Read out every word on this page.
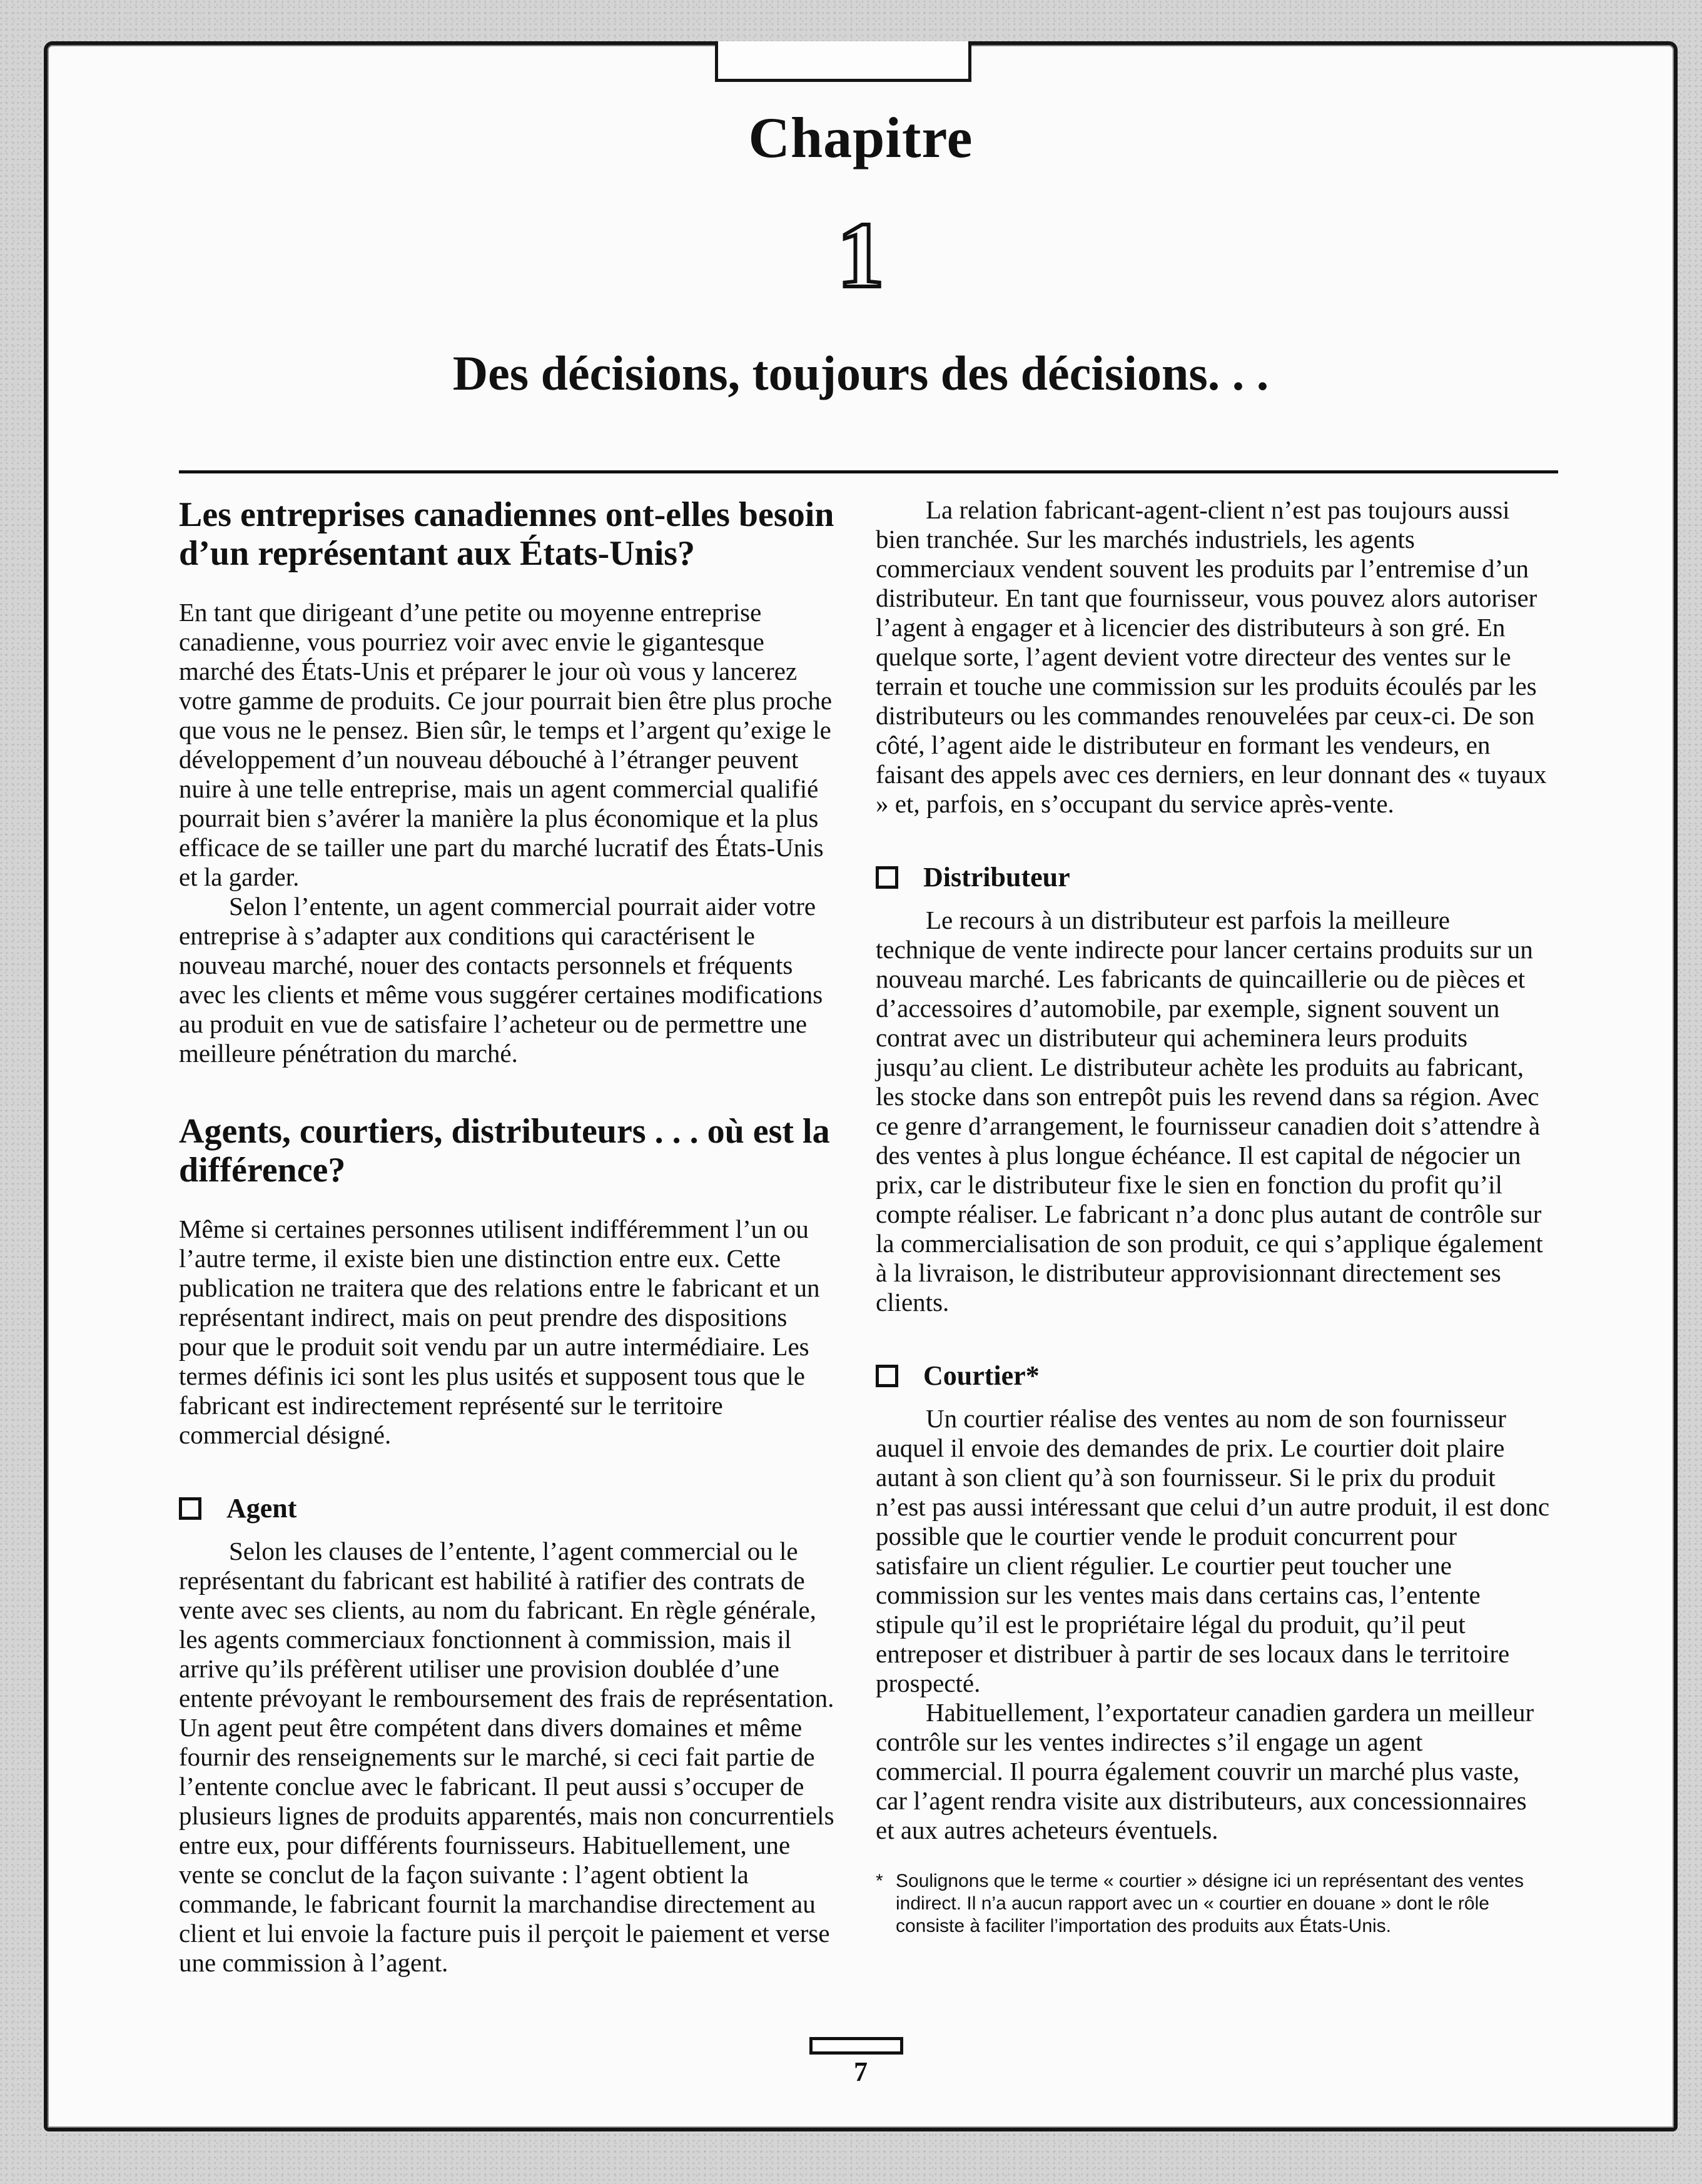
Chapitre
1
Des décisions, toujours des décisions. . .
Les entreprises canadiennes ont-elles besoin d’un représentant aux États-Unis?

En tant que dirigeant d’une petite ou moyenne entreprise canadienne, vous pourriez voir avec envie le gigantesque marché des États-Unis et préparer le jour où vous y lancerez votre gamme de produits. Ce jour pourrait bien être plus proche que vous ne le pensez. Bien sûr, le temps et l’argent qu’exige le développement d’un nouveau débouché à l’étranger peuvent nuire à une telle entreprise, mais un agent commercial qualifié pourrait bien s’avérer la manière la plus économique et la plus efficace de se tailler une part du marché lucratif des États-Unis et la garder.

Selon l’entente, un agent commercial pourrait aider votre entreprise à s’adapter aux conditions qui caractérisent le nouveau marché, nouer des contacts personnels et fréquents avec les clients et même vous suggérer certaines modifications au produit en vue de satisfaire l’acheteur ou de permettre une meilleure pénétration du marché.

Agents, courtiers, distributeurs . . . où est la différence?

Même si certaines personnes utilisent indifféremment l’un ou l’autre terme, il existe bien une distinction entre eux. Cette publication ne traitera que des relations entre le fabricant et un représentant indirect, mais on peut prendre des dispositions pour que le produit soit vendu par un autre intermédiaire. Les termes définis ici sont les plus usités et supposent tous que le fabricant est indirectement représenté sur le territoire commercial désigné.

Agent

Selon les clauses de l’entente, l’agent commercial ou le représentant du fabricant est habilité à ratifier des contrats de vente avec ses clients, au nom du fabricant. En règle générale, les agents commerciaux fonctionnent à commission, mais il arrive qu’ils préfèrent utiliser une provision doublée d’une entente prévoyant le remboursement des frais de représentation. Un agent peut être compétent dans divers domaines et même fournir des renseignements sur le marché, si ceci fait partie de l’entente conclue avec le fabricant. Il peut aussi s’occuper de plusieurs lignes de produits apparentés, mais non concurrentiels entre eux, pour différents fournisseurs. Habituellement, une vente se conclut de la façon suivante : l’agent obtient la commande, le fabricant fournit la marchandise directement au client et lui envoie la facture puis il perçoit le paiement et verse une commission à l’agent.

La relation fabricant-agent-client n’est pas toujours aussi bien tranchée. Sur les marchés industriels, les agents commerciaux vendent souvent les produits par l’entremise d’un distributeur. En tant que fournisseur, vous pouvez alors autoriser l’agent à engager et à licencier des distributeurs à son gré. En quelque sorte, l’agent devient votre directeur des ventes sur le terrain et touche une commission sur les produits écoulés par les distributeurs ou les commandes renouvelées par ceux-ci. De son côté, l’agent aide le distributeur en formant les vendeurs, en faisant des appels avec ces derniers, en leur donnant des « tuyaux » et, parfois, en s’occupant du service après-vente.

Distributeur

Le recours à un distributeur est parfois la meilleure technique de vente indirecte pour lancer certains produits sur un nouveau marché. Les fabricants de quincaillerie ou de pièces et d’accessoires d’automobile, par exemple, signent souvent un contrat avec un distributeur qui acheminera leurs produits jusqu’au client. Le distributeur achète les produits au fabricant, les stocke dans son entrepôt puis les revend dans sa région. Avec ce genre d’arrangement, le fournisseur canadien doit s’attendre à des ventes à plus longue échéance. Il est capital de négocier un prix, car le distributeur fixe le sien en fonction du profit qu’il compte réaliser. Le fabricant n’a donc plus autant de contrôle sur la commercialisation de son produit, ce qui s’applique également à la livraison, le distributeur approvisionnant directement ses clients.

Courtier*

Un courtier réalise des ventes au nom de son fournisseur auquel il envoie des demandes de prix. Le courtier doit plaire autant à son client qu’à son fournisseur. Si le prix du produit n’est pas aussi intéressant que celui d’un autre produit, il est donc possible que le courtier vende le produit concurrent pour satisfaire un client régulier. Le courtier peut toucher une commission sur les ventes mais dans certains cas, l’entente stipule qu’il est le propriétaire légal du produit, qu’il peut entreposer et distribuer à partir de ses locaux dans le territoire prospecté.

Habituellement, l’exportateur canadien gardera un meilleur contrôle sur les ventes indirectes s’il engage un agent commercial. Il pourra également couvrir un marché plus vaste, car l’agent rendra visite aux distributeurs, aux concessionnaires et aux autres acheteurs éventuels.

* Soulignons que le terme « courtier » désigne ici un représentant des ventes indirect. Il n’a aucun rapport avec un « courtier en douane » dont le rôle consiste à faciliter l’importation des produits aux États-Unis.
7
